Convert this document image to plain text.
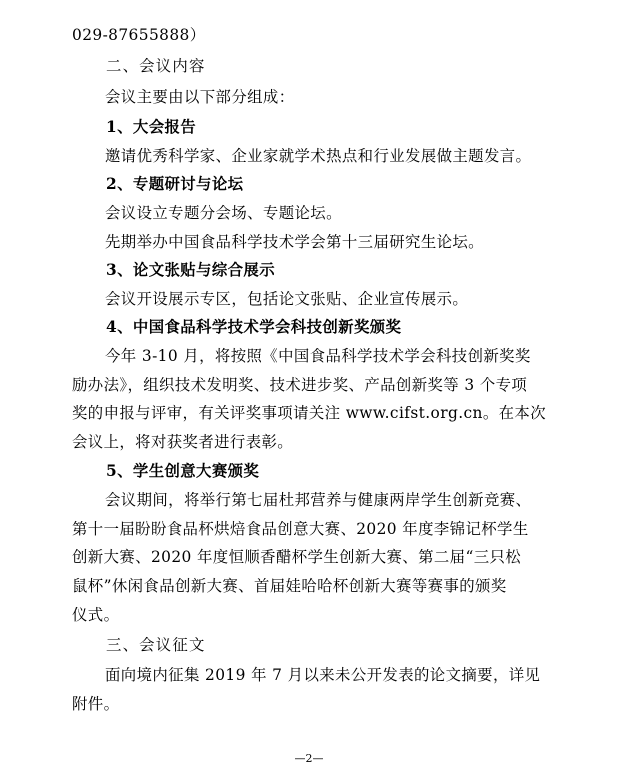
029-87655888）
二、会议内容
会议主要由以下部分组成：
1、大会报告
邀请优秀科学家、企业家就学术热点和行业发展做主题发言。
2、专题研讨与论坛
会议设立专题分会场、专题论坛。
先期举办中国食品科学技术学会第十三届研究生论坛。
3、论文张贴与综合展示
会议开设展示专区，包括论文张贴、企业宣传展示。
4、中国食品科学技术学会科技创新奖颁奖
今年 3-10 月，将按照《中国食品科学技术学会科技创新奖奖
励办法》，组织技术发明奖、技术进步奖、产品创新奖等 3 个专项
奖的申报与评审，有关评奖事项请关注 www.cifst.org.cn。在本次
会议上，将对获奖者进行表彰。
5、学生创意大赛颁奖
会议期间，将举行第七届杜邦营养与健康两岸学生创新竞赛、
第十一届盼盼食品杯烘焙食品创意大赛、2020 年度李锦记杯学生
创新大赛、2020 年度恒顺香醋杯学生创新大赛、第二届“三只松
鼠杯”休闲食品创新大赛、首届娃哈哈杯创新大赛等赛事的颁奖
仪式。
三、会议征文
面向境内征集 2019 年 7 月以来未公开发表的论文摘要，详见
附件。
—2—
